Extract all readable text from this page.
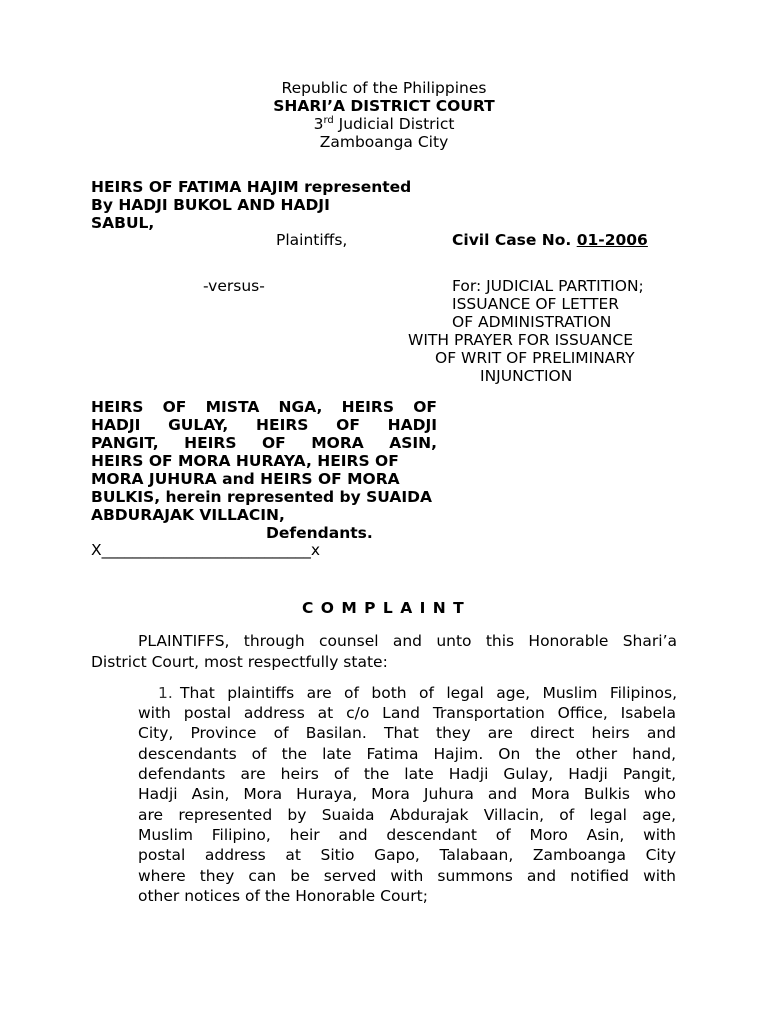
Republic of the Philippines
SHARI’A DISTRICT COURT
3rd Judicial District
Zamboanga City
HEIRS OF FATIMA HAJIM represented
By HADJI BUKOL AND HADJI
SABUL,
Plaintiffs,	Civil Case No. 01-2006
-versus-	For: JUDICIAL PARTITION;
ISSUANCE OF LETTER
OF ADMINISTRATION
WITH PRAYER FOR ISSUANCE
OF WRIT OF PRELIMINARY
INJUNCTION
HEIRS OF MISTA NGA, HEIRS OF
HADJI GULAY, HEIRS OF HADJI
PANGIT, HEIRS OF MORA ASIN,
HEIRS OF MORA HURAYA, HEIRS OF
MORA JUHURA and HEIRS OF MORA
BULKIS, herein represented by SUAIDA
ABDURAJAK VILLACIN,
Defendants.
X___________________________x
C O M P L A I N T
PLAINTIFFS, through counsel and unto this Honorable Shari’a
District Court, most respectfully state:
1. That plaintiffs are of both of legal age, Muslim Filipinos,
with postal address at c/o Land Transportation Office, Isabela
City, Province of Basilan. That they are direct heirs and
descendants of the late Fatima Hajim. On the other hand,
defendants are heirs of the late Hadji Gulay, Hadji Pangit,
Hadji Asin, Mora Huraya, Mora Juhura and Mora Bulkis who
are represented by Suaida Abdurajak Villacin, of legal age,
Muslim Filipino, heir and descendant of Moro Asin, with
postal address at Sitio Gapo, Talabaan, Zamboanga City
where they can be served with summons and notified with
other notices of the Honorable Court;
